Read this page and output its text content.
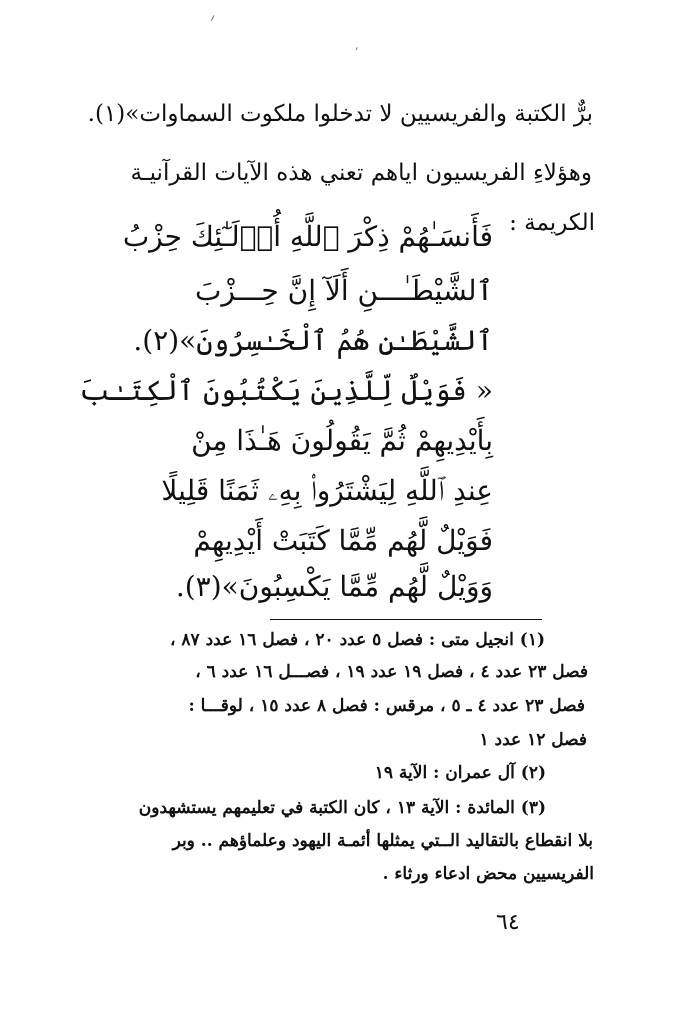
برٌّ الكتبة والفريسيين لا تدخلوا ملكوت السماوات»(١).
وهؤلاءِ الفريسيون اياهم تعني هذه الآيات القرآنيـة
الكريمة :
فَأَنسَـٰهُمْ ذِكْرَ ٱللَّهِ أُو۟لَـٰٓئِكَ حِزْبُ
ٱلشَّيْطَـٰـــنِ أَلَآ إِنَّ حِـــزْبَ
ٱلشَّيْطَـٰنِ هُمُ ٱلْخَـٰسِرُونَ»(٢).
« فَوَيْلٌ لِّلَّذِينَ يَكْتُبُونَ ٱلْكِتَـٰبَ
بِأَيْدِيهِمْ ثُمَّ يَقُولُونَ هَـٰذَا مِنْ
عِندِ ٱللَّهِ لِيَشْتَرُوا۟ بِهِۦ ثَمَنًا قَلِيلًا
فَوَيْلٌ لَّهُم مِّمَّا كَتَبَتْ أَيْدِيهِمْ
وَوَيْلٌ لَّهُم مِّمَّا يَكْسِبُونَ»(٣).
(١) انجيل متى : فصل ٥ عدد ٢٠ ، فصل ١٦ عدد ٨٧ ،
فصل ٢٣ عدد ٤ ، فصل ١٩ عدد ١٩ ، فصـــل ١٦ عدد ٦ ،
فصل ٢٣ عدد ٤ ـ ٥ ، مرقس : فصل ٨ عدد ١٥ ، لوقـــا :
فصل ١٢ عدد ١
(٢) آل عمران : الآية ١٩
(٣) المائدة : الآية ١٣ ، كان الكتبة في تعليمهم يستشهدون
بلا انقطاع بالتقاليد الــتي يمثلها أئمـة اليهود وعلماؤهم .. وبر
الفريسيين محض ادعاء ورثاء .
٦٤
